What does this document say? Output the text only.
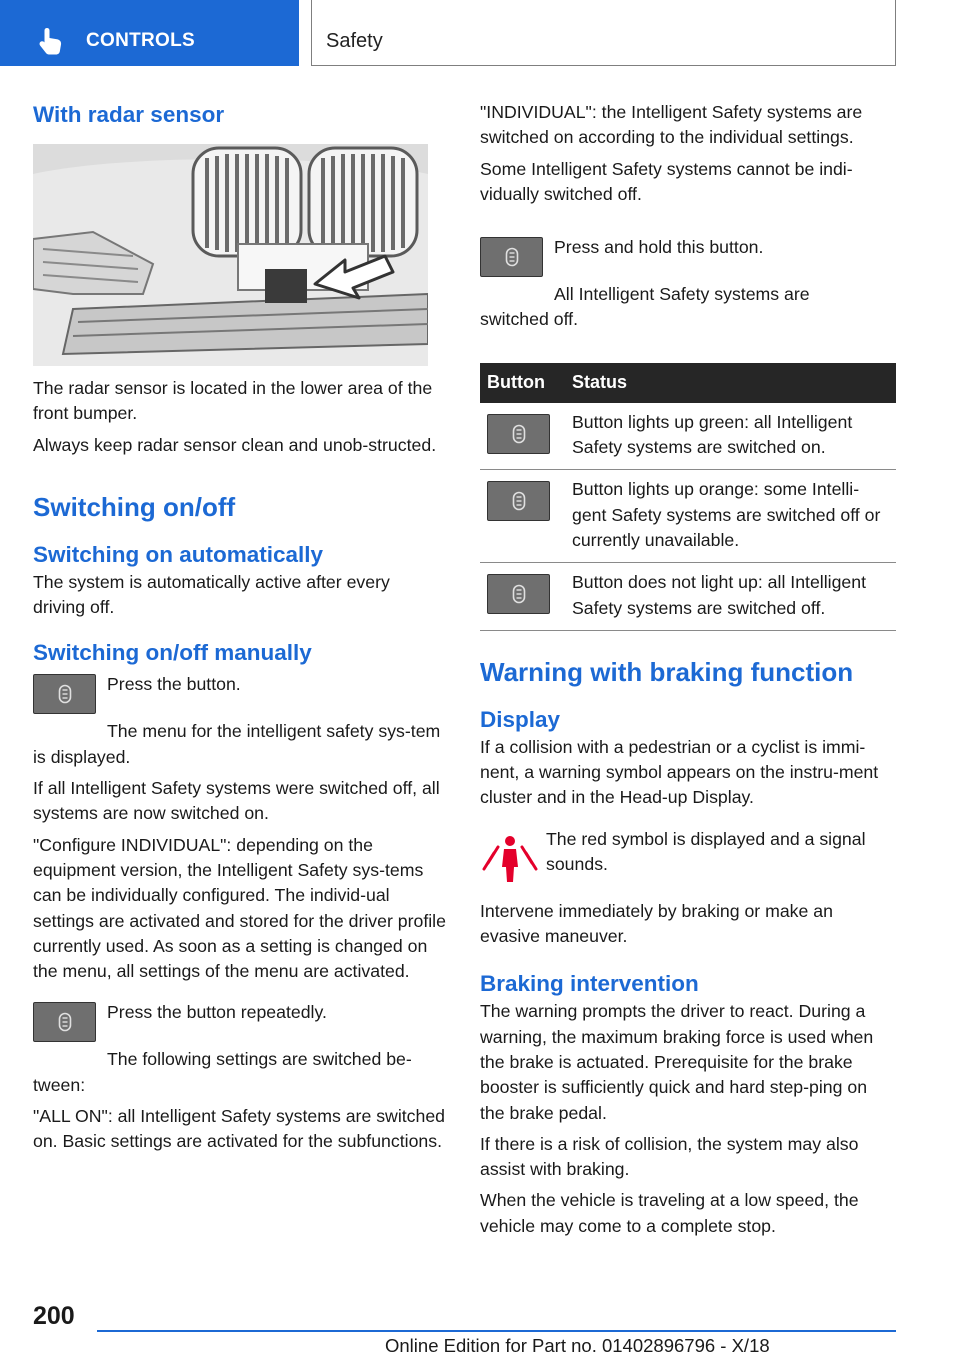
CONTROLS	Safety
With radar sensor

The radar sensor is located in the lower area of the front bumper.

Always keep radar sensor clean and unob-structed.

Switching on/off
Switching on automatically

The system is automatically active after every driving off.

Switching on/off manually

Press the button.

The menu for the intelligent safety sys-tem is displayed.

If all Intelligent Safety systems were switched off, all systems are now switched on.

"Configure INDIVIDUAL": depending on the equipment version, the Intelligent Safety sys-tems can be individually configured. The individ-ual settings are activated and stored for the driver profile currently used. As soon as a setting is changed on the menu, all settings of the menu are activated.

Press the button repeatedly.

The following settings are switched be-tween:

"ALL ON": all Intelligent Safety systems are switched on. Basic settings are activated for the subfunctions.

"INDIVIDUAL": the Intelligent Safety systems are switched on according to the individual settings.

Some Intelligent Safety systems cannot be indi-vidually switched off.

Press and hold this button.

All Intelligent Safety systems are switched off.

Button	Status

	Button lights up green: all Intelligent Safety systems are switched on.

	Button lights up orange: some Intelli-gent Safety systems are switched off or currently unavailable.

	Button does not light up: all Intelligent Safety systems are switched off.
Warning with braking function
Display

If a collision with a pedestrian or a cyclist is immi-nent, a warning symbol appears on the instru-ment cluster and in the Head-up Display.

The red symbol is displayed and a signal sounds.

Intervene immediately by braking or make an evasive maneuver.

Braking intervention

The warning prompts the driver to react. During a warning, the maximum braking force is used when the brake is actuated. Prerequisite for the brake booster is sufficiently quick and hard step-ping on the brake pedal.

If there is a risk of collision, the system may also assist with braking.

When the vehicle is traveling at a low speed, the vehicle may come to a complete stop.

200
Online Edition for Part no. 01402896796 - X/18
